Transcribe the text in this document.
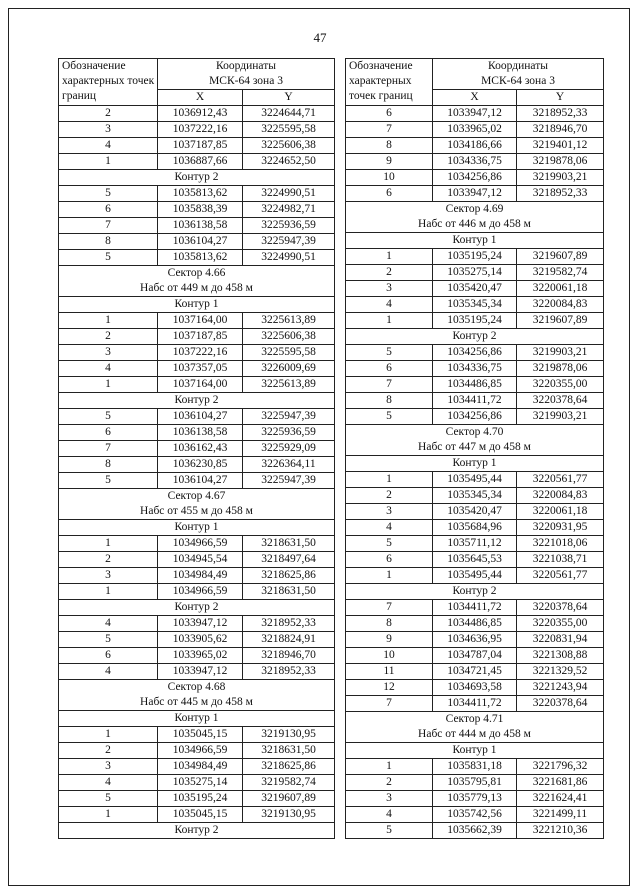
47
Обозначение характерных точек границ	Координаты
МСК-64 зона 3	

	X	Y
2	1036912,43	3224644,71
3	1037222,16	3225595,58
4	1037187,85	3225606,38
1	1036887,66	3224652,50
Контур 2		
5	1035813,62	3224990,51
6	1035838,39	3224982,71
7	1036138,58	3225936,59
8	1036104,27	3225947,39
5	1035813,62	3224990,51
Сектор 4.66		
Набс от 449 м до 458 м		
Контур 1		
1	1037164,00	3225613,89
2	1037187,85	3225606,38
3	1037222,16	3225595,58
4	1037357,05	3226009,69
1	1037164,00	3225613,89
Контур 2		
5	1036104,27	3225947,39
6	1036138,58	3225936,59
7	1036162,43	3225929,09
8	1036230,85	3226364,11
5	1036104,27	3225947,39
Сектор 4.67		
Набс от 455 м до 458 м		
Контур 1		
1	1034966,59	3218631,50
2	1034945,54	3218497,64
3	1034984,49	3218625,86
1	1034966,59	3218631,50
Контур 2		
4	1033947,12	3218952,33
5	1033905,62	3218824,91
6	1033965,02	3218946,70
4	1033947,12	3218952,33
Сектор 4.68		
Набс от 445 м до 458 м		
Контур 1		
1	1035045,15	3219130,95
2	1034966,59	3218631,50
3	1034984,49	3218625,86
4	1035275,14	3219582,74
5	1035195,24	3219607,89
1	1035045,15	3219130,95
Контур 2		
Обозначение характерных точек границ	Координаты
МСК-64 зона 3	

	X	Y
6	1033947,12	3218952,33
7	1033965,02	3218946,70
8	1034186,66	3219401,12
9	1034336,75	3219878,06
10	1034256,86	3219903,21
6	1033947,12	3218952,33
Сектор 4.69		
Набс от 446 м до 458 м		
Контур 1		
1	1035195,24	3219607,89
2	1035275,14	3219582,74
3	1035420,47	3220061,18
4	1035345,34	3220084,83
1	1035195,24	3219607,89
Контур 2		
5	1034256,86	3219903,21
6	1034336,75	3219878,06
7	1034486,85	3220355,00
8	1034411,72	3220378,64
5	1034256,86	3219903,21
Сектор 4.70		
Набс от 447 м до 458 м		
Контур 1		
1	1035495,44	3220561,77
2	1035345,34	3220084,83
3	1035420,47	3220061,18
4	1035684,96	3220931,95
5	1035711,12	3221018,06
6	1035645,53	3221038,71
1	1035495,44	3220561,77
Контур 2		
7	1034411,72	3220378,64
8	1034486,85	3220355,00
9	1034636,95	3220831,94
10	1034787,04	3221308,88
11	1034721,45	3221329,52
12	1034693,58	3221243,94
7	1034411,72	3220378,64
Сектор 4.71		
Набс от 444 м до 458 м		
Контур 1		
1	1035831,18	3221796,32
2	1035795,81	3221681,86
3	1035779,13	3221624,41
4	1035742,56	3221499,11
5	1035662,39	3221210,36
